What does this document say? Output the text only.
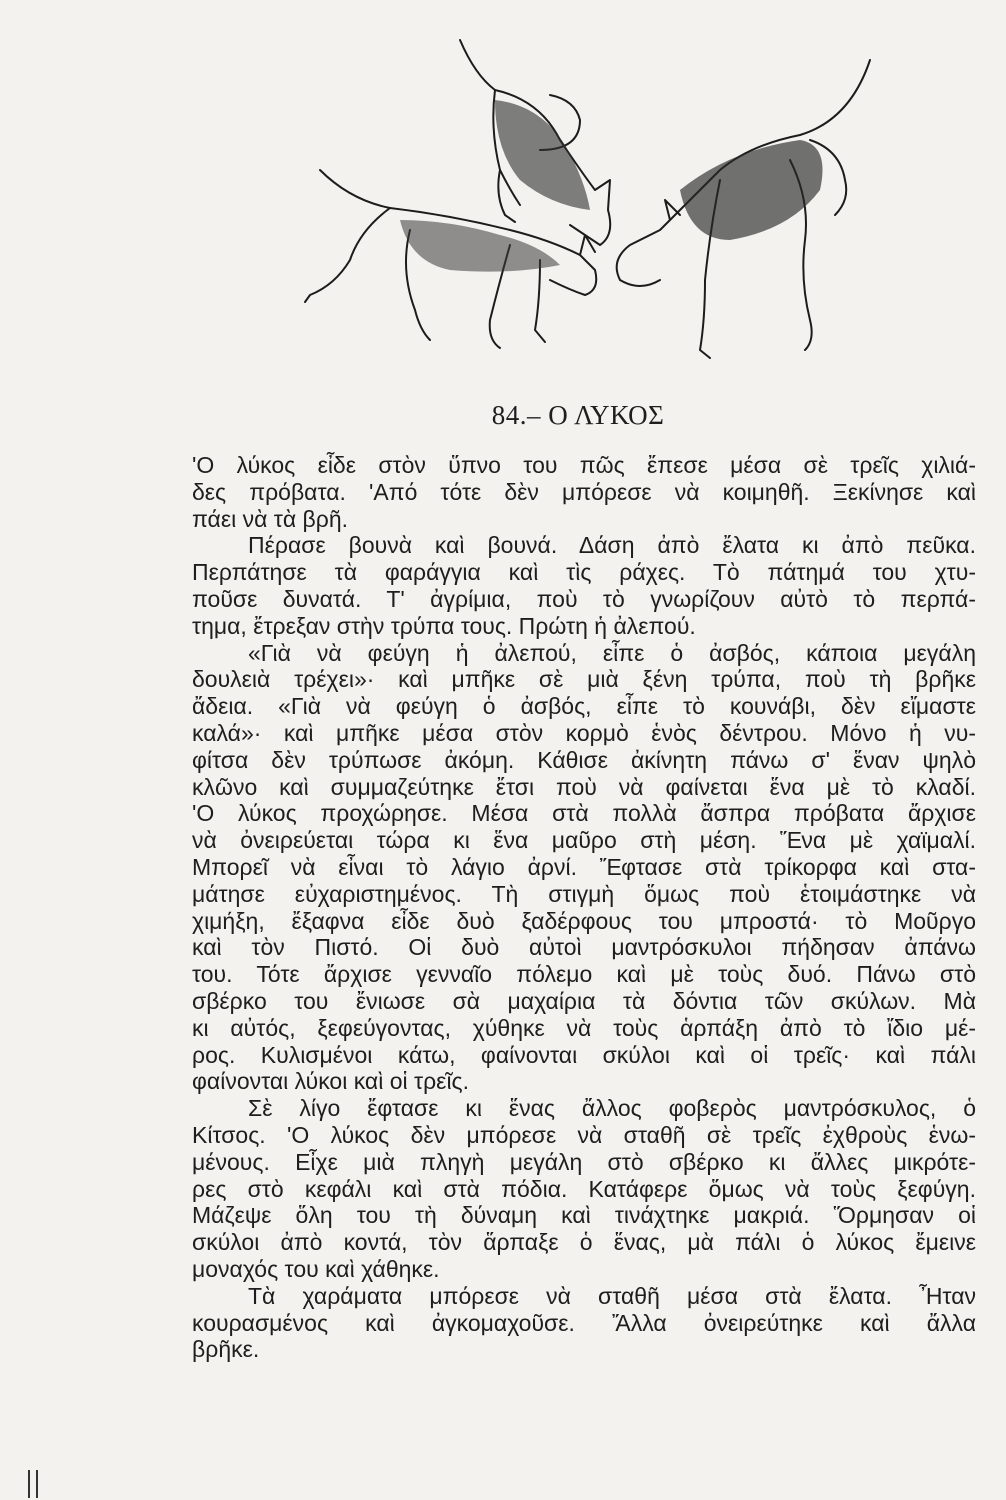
84.– Ο ΛΥΚΟΣ
'Ο λύκος εἶδε στὸν ὕπνο του πῶς ἔπεσε μέσα σὲ τρεῖς χιλιά-
δες πρόβατα. 'Από τότε δὲν μπόρεσε νὰ κοιμηθῆ. Ξεκίνησε καὶ
πάει νὰ τὰ βρῆ.
Πέρασε βουνὰ καὶ βουνά. Δάση ἀπὸ ἔλατα κι ἀπὸ πεῦκα.
Περπάτησε τὰ φαράγγια καὶ τὶς ράχες. Τὸ πάτημά του χτυ-
ποῦσε δυνατά. Τ' ἀγρίμια, ποὺ τὸ γνωρίζουν αὐτὸ τὸ περπά-
τημα, ἔτρεξαν στὴν τρύπα τους. Πρώτη ἡ ἀλεπού.
«Γιὰ νὰ φεύγη ἡ ἀλεπού, εἶπε ὁ ἀσβός, κάποια μεγάλη
δουλειὰ τρέχει»· καὶ μπῆκε σὲ μιὰ ξένη τρύπα, ποὺ τὴ βρῆκε
ἄδεια. «Γιὰ νὰ φεύγη ὁ ἀσβός, εἶπε τὸ κουνάβι, δὲν εἴμαστε
καλά»· καὶ μπῆκε μέσα στὸν κορμὸ ἑνὸς δέντρου. Μόνο ἡ νυ-
φίτσα δὲν τρύπωσε ἀκόμη. Κάθισε ἀκίνητη πάνω σ' ἕναν ψηλὸ
κλῶνο καὶ συμμαζεύτηκε ἔτσι ποὺ νὰ φαίνεται ἕνα μὲ τὸ κλαδί.
'Ο λύκος προχώρησε. Μέσα στὰ πολλὰ ἄσπρα πρόβατα ἄρχισε
νὰ ὀνειρεύεται τώρα κι ἕνα μαῦρο στὴ μέση. Ἕνα μὲ χαϊμαλί.
Μπορεῖ νὰ εἶναι τὸ λάγιο ἀρνί. Ἔφτασε στὰ τρίκορφα καὶ στα-
μάτησε εὐχαριστημένος. Τὴ στιγμὴ ὅμως ποὺ ἑτοιμάστηκε νὰ
χιμήξη, ἔξαφνα εἶδε δυὸ ξαδέρφους του μπροστά· τὸ Μοῦργο
καὶ τὸν Πιστό. Οἱ δυὸ αὐτοὶ μαντρόσκυλοι πήδησαν ἀπάνω
του. Τότε ἄρχισε γενναῖο πόλεμο καὶ μὲ τοὺς δυό. Πάνω στὸ
σβέρκο του ἔνιωσε σὰ μαχαίρια τὰ δόντια τῶν σκύλων. Μὰ
κι αὐτός, ξεφεύγοντας, χύθηκε νὰ τοὺς ἁρπάξη ἀπὸ τὸ ἴδιο μέ-
ρος. Κυλισμένοι κάτω, φαίνονται σκύλοι καὶ οἱ τρεῖς· καὶ πάλι
φαίνονται λύκοι καὶ οἱ τρεῖς.
Σὲ λίγο ἔφτασε κι ἕνας ἄλλος φοβερὸς μαντρόσκυλος, ὁ
Κίτσος. 'Ο λύκος δὲν μπόρεσε νὰ σταθῆ σὲ τρεῖς ἐχθροὺς ἑνω-
μένους. Εἶχε μιὰ πληγὴ μεγάλη στὸ σβέρκο κι ἄλλες μικρότε-
ρες στὸ κεφάλι καὶ στὰ πόδια. Κατάφερε ὅμως νὰ τοὺς ξεφύγη.
Μάζεψε ὅλη του τὴ δύναμη καὶ τινάχτηκε μακριά. Ὅρμησαν οἱ
σκύλοι ἀπὸ κοντά, τὸν ἅρπαξε ὁ ἕνας, μὰ πάλι ὁ λύκος ἔμεινε
μοναχός του καὶ χάθηκε.
Τὰ χαράματα μπόρεσε νὰ σταθῆ μέσα στὰ ἔλατα. Ἦταν
κουρασμένος καὶ ἀγκομαχοῦσε. Ἄλλα ὀνειρεύτηκε καὶ ἄλλα
βρῆκε.
